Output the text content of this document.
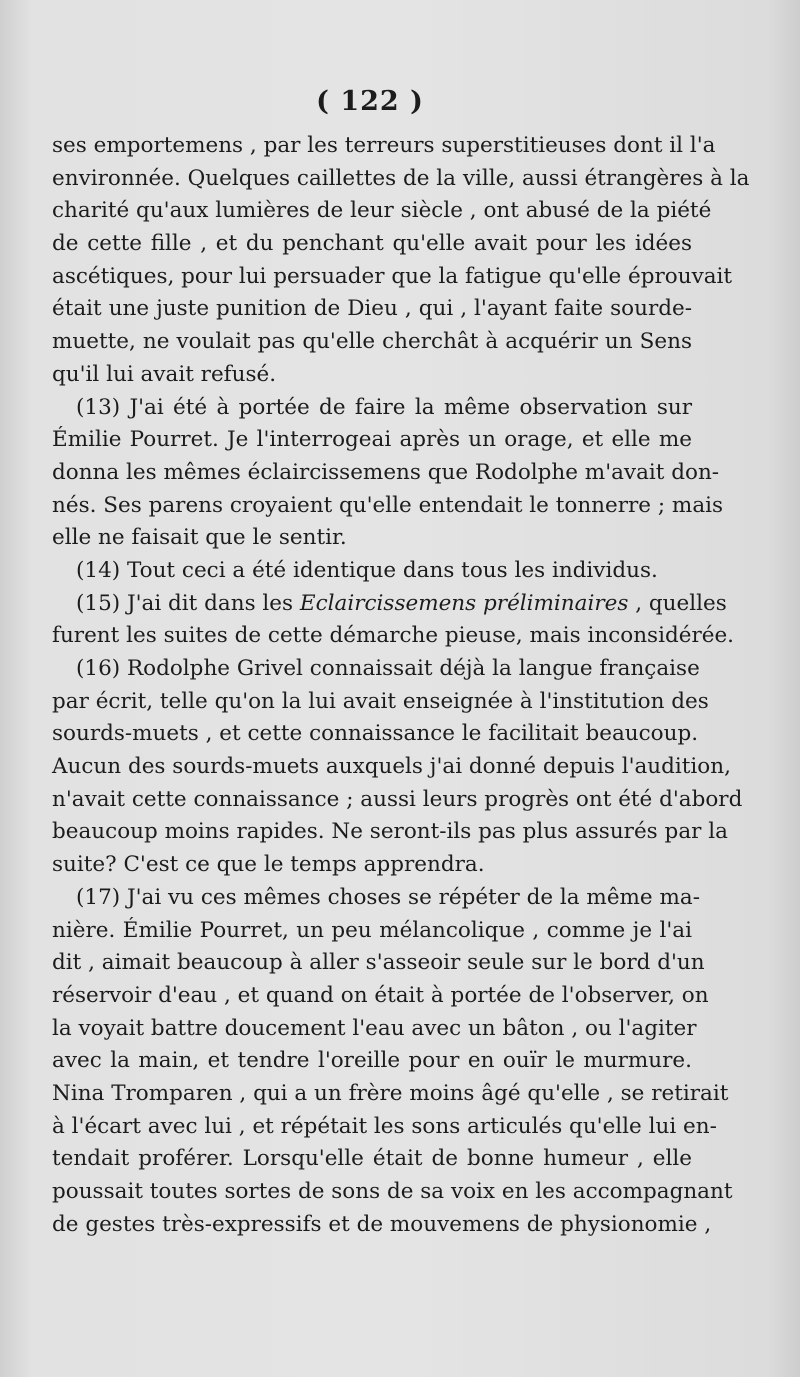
( 122 )
ses emportemens , par les terreurs superstitieuses dont il l'a
environnée. Quelques caillettes de la ville, aussi étrangères à la
charité qu'aux lumières de leur siècle , ont abusé de la piété
de cette fille , et du penchant qu'elle avait pour les idées
ascétiques, pour lui persuader que la fatigue qu'elle éprouvait
était une juste punition de Dieu , qui , l'ayant faite sourde-
muette, ne voulait pas qu'elle cherchât à acquérir un Sens
qu'il lui avait refusé.
(13) J'ai été à portée de faire la même observation sur
Émilie Pourret. Je l'interrogeai après un orage, et elle me
donna les mêmes éclaircissemens que Rodolphe m'avait don-
nés. Ses parens croyaient qu'elle entendait le tonnerre ; mais
elle ne faisait que le sentir.
(14) Tout ceci a été identique dans tous les individus.
(15) J'ai dit dans les Eclaircissemens préliminaires , quelles
furent les suites de cette démarche pieuse, mais inconsidérée.
(16) Rodolphe Grivel connaissait déjà la langue française
par écrit, telle qu'on la lui avait enseignée à l'institution des
sourds-muets , et cette connaissance le facilitait beaucoup.
Aucun des sourds-muets auxquels j'ai donné depuis l'audition,
n'avait cette connaissance ; aussi leurs progrès ont été d'abord
beaucoup moins rapides. Ne seront-ils pas plus assurés par la
suite? C'est ce que le temps apprendra.
(17) J'ai vu ces mêmes choses se répéter de la même ma-
nière. Émilie Pourret, un peu mélancolique , comme je l'ai
dit , aimait beaucoup à aller s'asseoir seule sur le bord d'un
réservoir d'eau , et quand on était à portée de l'observer, on
la voyait battre doucement l'eau avec un bâton , ou l'agiter
avec la main, et tendre l'oreille pour en ouïr le murmure.
Nina Tromparen , qui a un frère moins âgé qu'elle , se retirait
à l'écart avec lui , et répétait les sons articulés qu'elle lui en-
tendait proférer. Lorsqu'elle était de bonne humeur , elle
poussait toutes sortes de sons de sa voix en les accompagnant
de gestes très-expressifs et de mouvemens de physionomie ,
